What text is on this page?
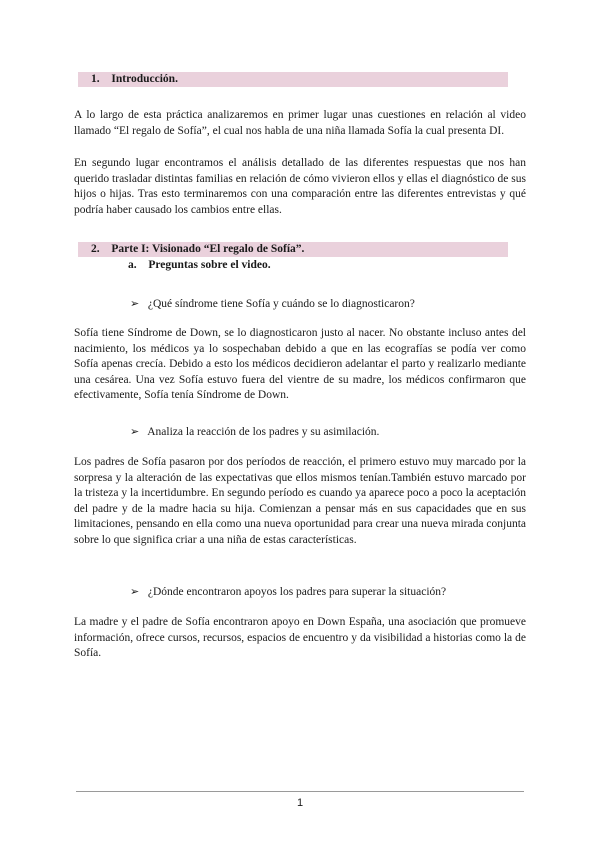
1. Introducción.

A lo largo de esta práctica analizaremos en primer lugar unas cuestiones en relación al video llamado “El regalo de Sofía”, el cual nos habla de una niña llamada Sofía la cual presenta DI.

En segundo lugar encontramos el análisis detallado de las diferentes respuestas que nos han querido trasladar distintas familias en relación de cómo vivieron ellos y ellas el diagnóstico de sus hijos o hijas. Tras esto terminaremos con una comparación entre las diferentes entrevistas y qué podría haber causado los cambios entre ellas.

2. Parte I: Visionado “El regalo de Sofía”.
a. Preguntas sobre el video.
➢ ¿Qué síndrome tiene Sofía y cuándo se lo diagnosticaron?

Sofía tiene Síndrome de Down, se lo diagnosticaron justo al nacer. No obstante incluso antes del nacimiento, los médicos ya lo sospechaban debido a que en las ecografías se podía ver como Sofía apenas crecía. Debido a esto los médicos decidieron adelantar el parto y realizarlo mediante una cesárea. Una vez Sofía estuvo fuera del vientre de su madre, los médicos confirmaron que efectivamente, Sofía tenía Síndrome de Down.

➢ Analiza la reacción de los padres y su asimilación.

Los padres de Sofía pasaron por dos períodos de reacción, el primero estuvo muy marcado por la sorpresa y la alteración de las expectativas que ellos mismos tenían.También estuvo marcado por la tristeza y la incertidumbre. En segundo período es cuando ya aparece poco a poco la aceptación del padre y de la madre hacia su hija. Comienzan a pensar más en sus capacidades que en sus limitaciones, pensando en ella como una nueva oportunidad para crear una nueva mirada conjunta sobre lo que significa criar a una niña de estas características.

➢ ¿Dónde encontraron apoyos los padres para superar la situación?

La madre y el padre de Sofía encontraron apoyo en Down España, una asociación que promueve información, ofrece cursos, recursos, espacios de encuentro y da visibilidad a historias como la de Sofía.

1
